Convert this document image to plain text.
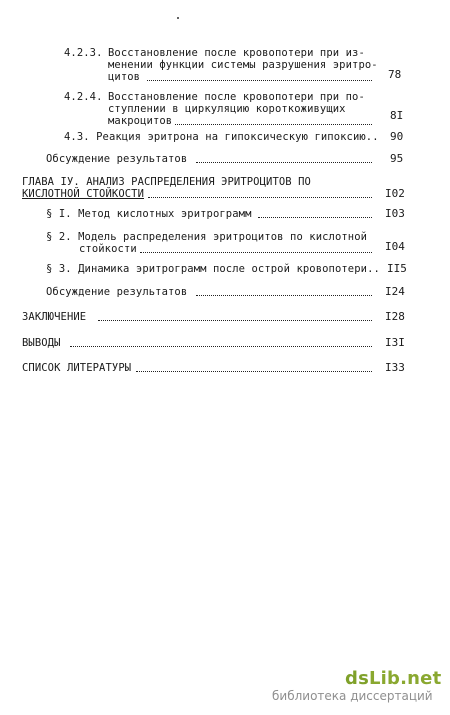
4.2.3. Восстановление после кровопотери при из-
менении функции системы разрушения эритро-
цитов	78
4.2.4. Восстановление после кровопотери при по-
ступлении в циркуляцию короткоживущих
макроцитов	8I
4.3. Реакция эритрона на гипоксическую гипоксию.. 90
Обсуждение результатов	95
ГЛАВА IУ. АНАЛИЗ РАСПРЕДЕЛЕНИЯ ЭРИТРОЦИТОВ ПО
КИСЛОТНОЙ СТОЙКОСТИ	I02
§ I. Метод кислотных эритрограмм	I03
§ 2. Модель распределения эритроцитов по кислотной
стойкости	I04
§ 3. Динамика эритрограмм после острой кровопотери.. II5
Обсуждение результатов	I24
ЗАКЛЮЧЕНИЕ	I28
ВЫВОДЫ	I3I
СПИСОК ЛИТЕРАТУРЫ	I33
dsLib.net
библиотека диссертаций
